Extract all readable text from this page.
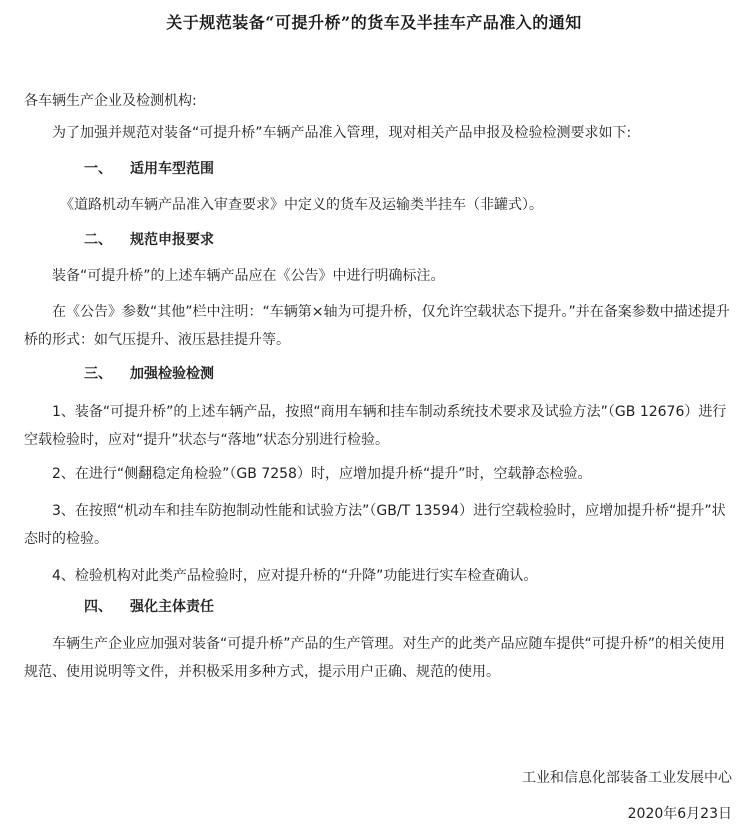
关于规范装备“可提升桥”的货车及半挂车产品准入的通知
各车辆生产企业及检测机构:
为了加强并规范对装备“可提升桥”车辆产品准入管理，现对相关产品申报及检验检测要求如下:
一、 适用车型范围
《道路机动车辆产品准入审查要求》中定义的货车及运输类半挂车（非罐式）。
二、 规范申报要求
装备“可提升桥”的上述车辆产品应在《公告》中进行明确标注。
在《公告》参数“其他”栏中注明：“车辆第×轴为可提升桥，仅允许空载状态下提升。”并在备案参数中描述提升桥的形式：如气压提升、液压悬挂提升等。
三、 加强检验检测
1、装备“可提升桥”的上述车辆产品，按照“商用车辆和挂车制动系统技术要求及试验方法”（GB 12676）进行空载检验时，应对“提升”状态与“落地”状态分别进行检验。
2、在进行“侧翻稳定角检验”（GB 7258）时，应增加提升桥“提升”时，空载静态检验。
3、在按照“机动车和挂车防抱制动性能和试验方法”（GB/T 13594）进行空载检验时，应增加提升桥“提升”状态时的检验。
4、检验机构对此类产品检验时，应对提升桥的“升降”功能进行实车检查确认。
四、 强化主体责任
车辆生产企业应加强对装备“可提升桥”产品的生产管理。对生产的此类产品应随车提供“可提升桥”的相关使用规范、使用说明等文件，并积极采用多种方式，提示用户正确、规范的使用。
工业和信息化部装备工业发展中心
2020年6月23日
